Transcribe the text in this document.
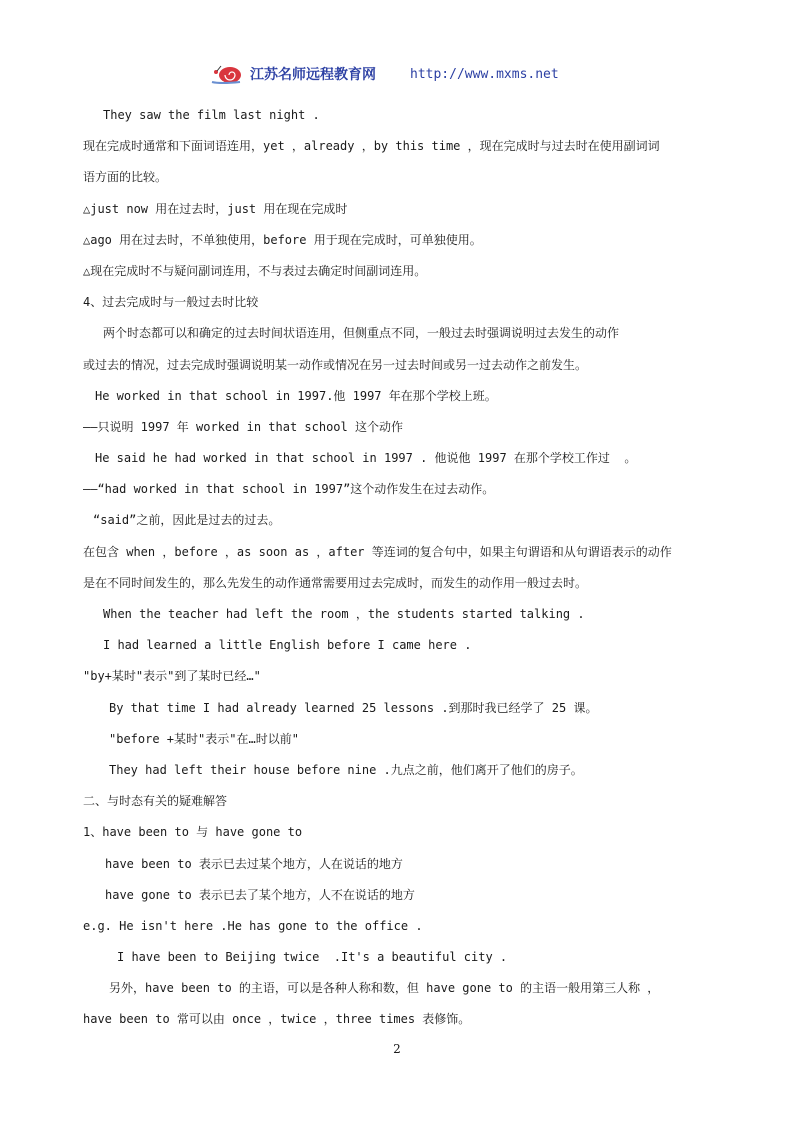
江苏名师远程教育网	http://www.mxms.net
They saw the film last night .
现在完成时通常和下面词语连用，yet ，already ，by this time ，现在完成时与过去时在使用副词词
语方面的比较。
△just now 用在过去时，just 用在现在完成时
△ago 用在过去时，不单独使用，before 用于现在完成时，可单独使用。
△现在完成时不与疑问副词连用，不与表过去确定时间副词连用。
4、过去完成时与一般过去时比较
两个时态都可以和确定的过去时间状语连用，但侧重点不同，一般过去时强调说明过去发生的动作
或过去的情况，过去完成时强调说明某一动作或情况在另一过去时间或另一过去动作之前发生。
He worked in that school in 1997.他 1997 年在那个学校上班。
——只说明 1997 年 worked in that school 这个动作
He said he had worked in that school in 1997 . 他说他 1997 在那个学校工作过  。
——“had worked in that school in 1997”这个动作发生在过去动作。
“said”之前，因此是过去的过去。
在包含 when ，before ，as soon as ，after 等连词的复合句中，如果主句谓语和从句谓语表示的动作
是在不同时间发生的，那么先发生的动作通常需要用过去完成时，而发生的动作用一般过去时。
When the teacher had left the room ，the students started talking .
I had learned a little English before I came here .
"by+某时"表示"到了某时已经…"
By that time I had already learned 25 lessons .到那时我已经学了 25 课。
"before +某时"表示"在…时以前"
They had left their house before nine .九点之前，他们离开了他们的房子。
二、与时态有关的疑难解答
1、have been to 与 have gone to
have been to 表示已去过某个地方，人在说话的地方
have gone to 表示已去了某个地方，人不在说话的地方
e.g. He isn't here .He has gone to the office .
I have been to Beijing twice  .It's a beautiful city .
另外，have been to 的主语，可以是各种人称和数，但 have gone to 的主语一般用第三人称 ，
have been to 常可以由 once ，twice ，three times 表修饰。
2
